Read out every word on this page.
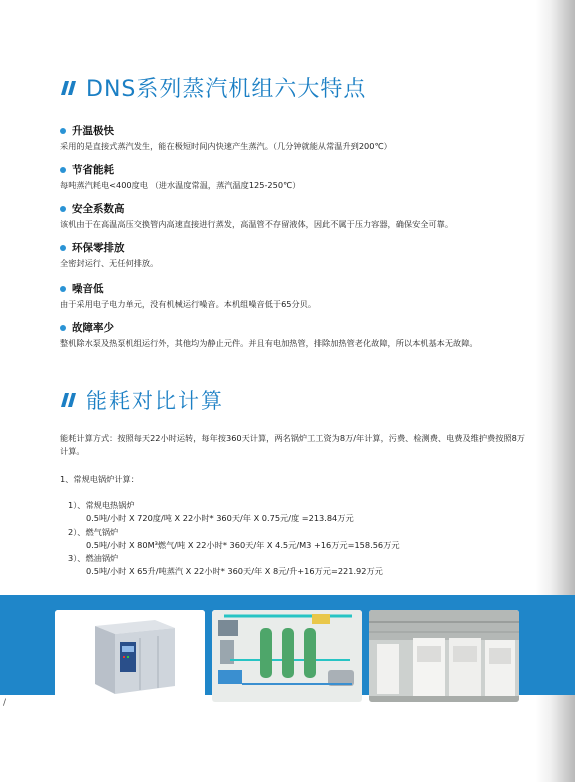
DNS系列蒸汽机组六大特点
升温极快
采用的是直接式蒸汽发生，能在极短时间内快速产生蒸汽。（几分钟就能从常温升到200℃）
节省能耗
每吨蒸汽耗电<400度电 （进水温度常温，蒸汽温度125-250℃）
安全系数高
该机由于在高温高压交换管内高速直接进行蒸发，高温管不存留液体，因此不属于压力容器，确保安全可靠。
环保零排放
全密封运行、无任何排放。
噪音低
由于采用电子电力单元，没有机械运行噪音。本机组噪音低于65分贝。
故障率少
整机除水泵及热泵机组运行外，其他均为静止元件。并且有电加热管，排除加热管老化故障，所以本机基本无故障。
能耗对比计算
能耗计算方式：按照每天22小时运转，每年按360天计算，两名锅炉工工资为8万/年计算，污费、检测费、电费及维护费按照8万计算。
1、常规电锅炉计算：
1）、常规电热锅炉
0.5吨/小时 X 720度/吨 X 22小时* 360天/年 X 0.75元/度 =213.84万元
2）、燃气锅炉
0.5吨/小时 X 80M³燃气/吨 X 22小时* 360天/年 X 4.5元/M3 +16万元=158.56万元
3）、燃油锅炉
0.5吨/小时 X 65升/吨蒸汽 X 22小时* 360天/年 X 8元/升+16万元=221.92万元
/
